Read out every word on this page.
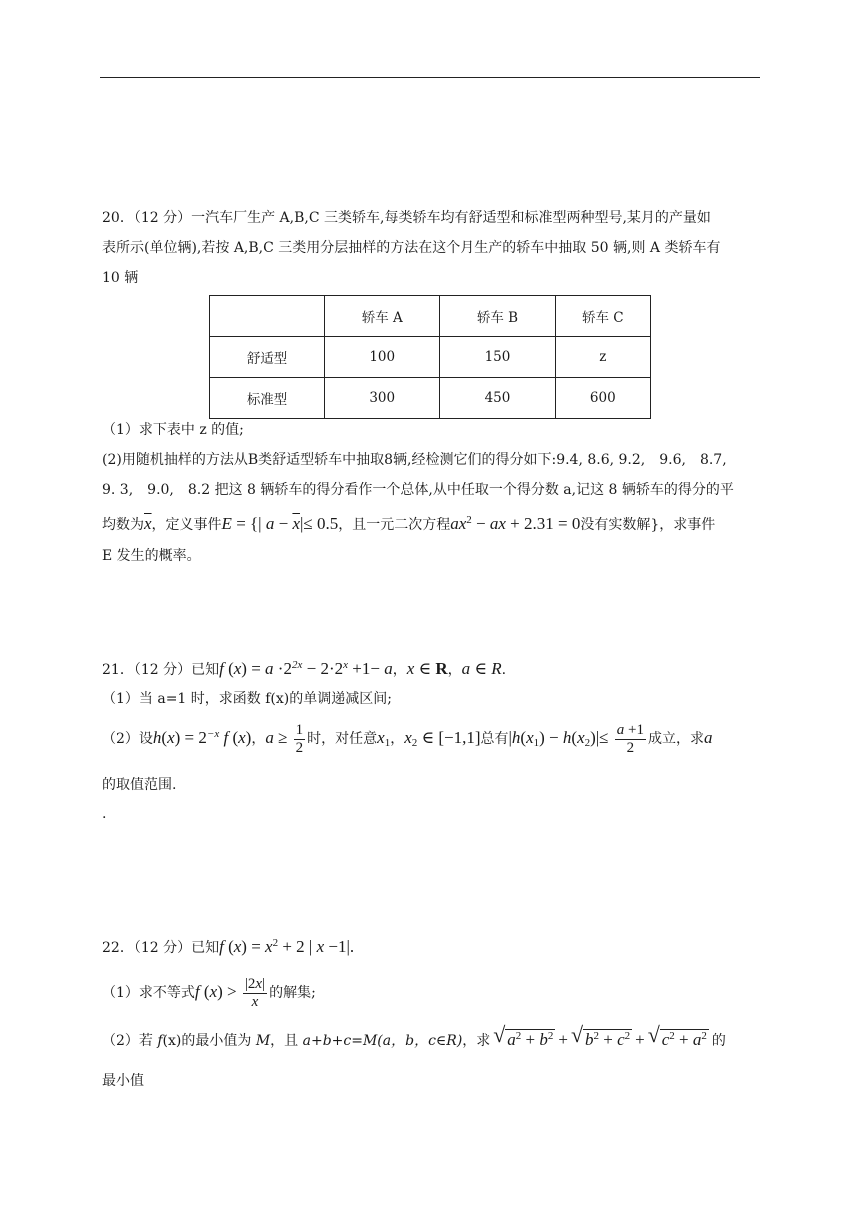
20．（12 分）一汽车厂生产 A,B,C 三类轿车,每类轿车均有舒适型和标准型两种型号,某月的产量如
表所示(单位辆),若按 A,B,C 三类用分层抽样的方法在这个月生产的轿车中抽取 50 辆,则 A 类轿车有
10 辆
	轿车 A	轿车 B	轿车 C
舒适型	100	150	z
标准型	300	450	600
（1）求下表中 z 的值;
(2)用随机抽样的方法从B类舒适型轿车中抽取8辆,经检测它们的得分如下:9.4, 8.6, 9.2,　9.6,　8.7,
9. 3,　9.0,　8.2 把这 8 辆轿车的得分看作一个总体,从中任取一个得分数 a,记这 8 辆轿车的得分的平
均数为$\overline{x}$，定义事件E = {| $a - \overline{x}|\le 0.5$，且一元二次方程$ax^2$ − ax + 2.31 = 0没有实数解}，求事件
E 发生的概率。
21．（12 分）已知f $(x) = a \cdot 2^{2x} - 2\cdot 2^x +1- a$，x ∈ R，a ∈ R.
（1）当 a=1 时，求函数 f(x)的单调递减区间;
（2）设$h(x) = 2^{-x}$ f (x)，$a \ge \frac{1}{2}$ 时，对任意$x_1$，$x_2$ ∈ [−1,1]总有$|h(x_1) - h(x_2)|\le \frac{a +1}{2}$ 成立，求a
的取值范围.
.
22．（12 分）已知f $(x) = x^2 + 2$ | x −1|.
（1）求不等式f $(x) > \frac{|2x|}{x}$ 的解集;
（2）若 f(x)的最小值为 M，且 a+b+c=M(a，b，c∈R)，求 √ $a^2 + b^2$ + √ $b^2 + c^2$ + √ $c^2 + a^2$ 的
最小值
